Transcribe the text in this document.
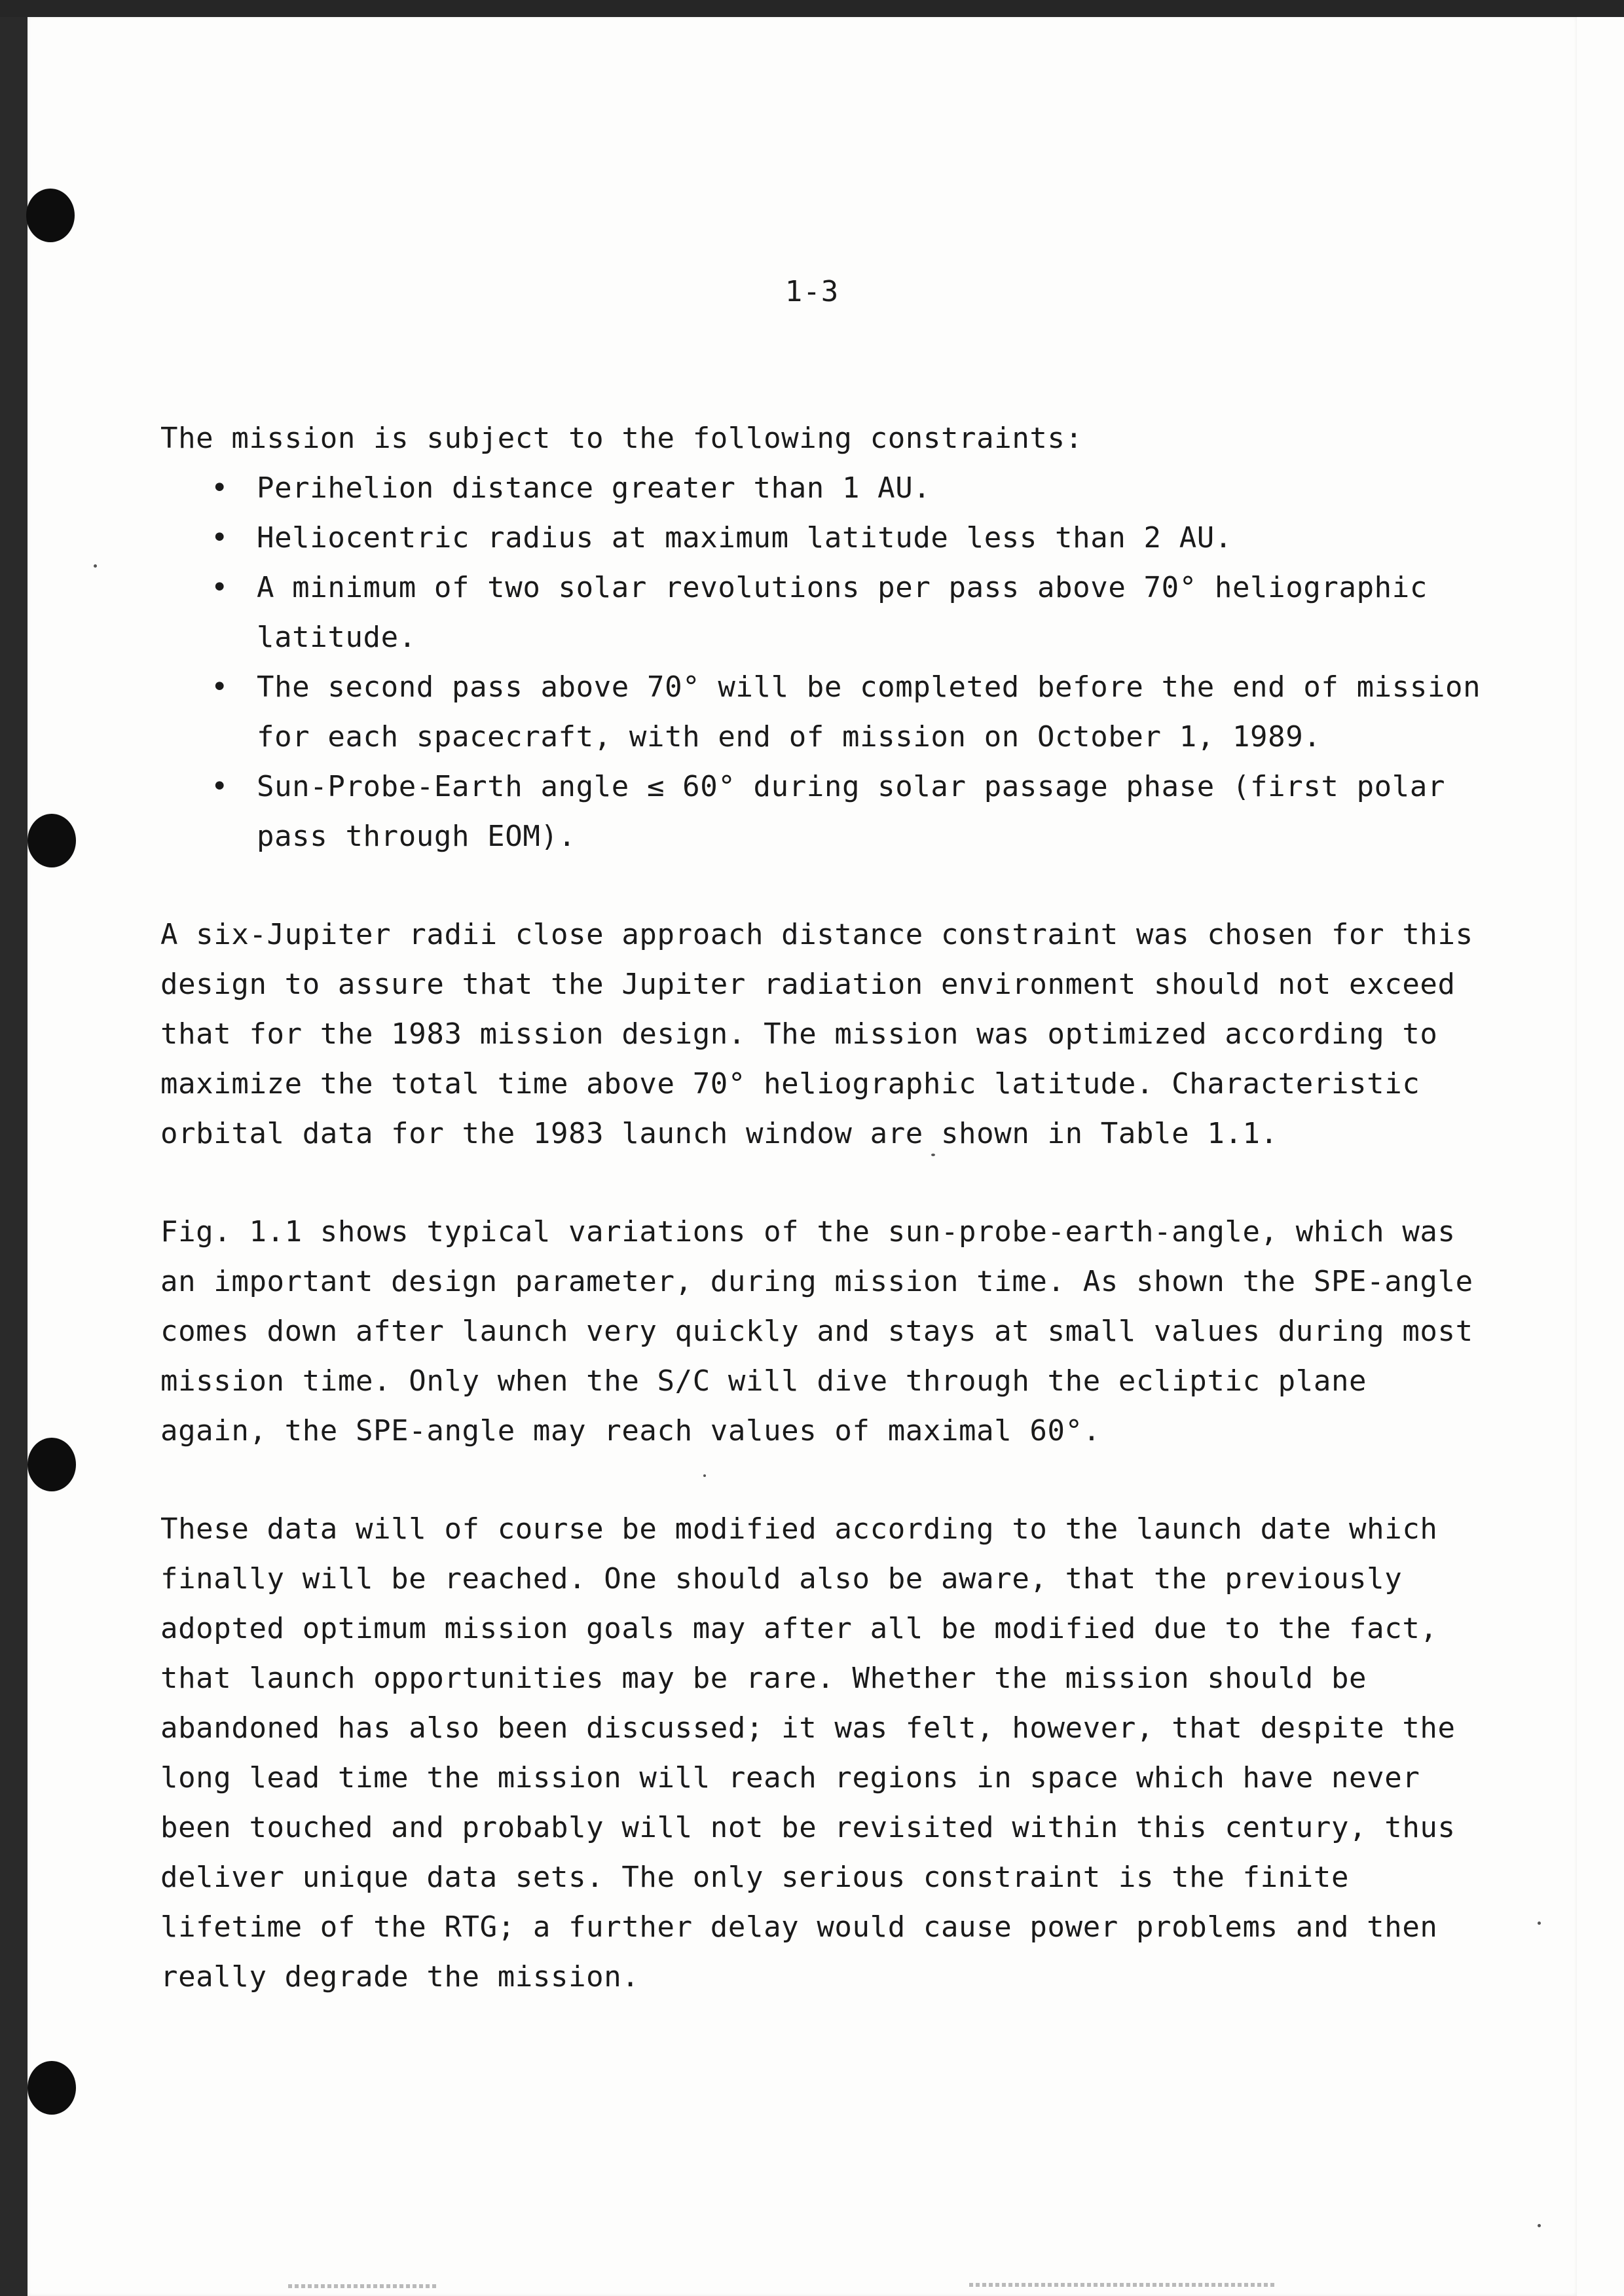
1-3

The mission is subject to the following constraints:

• Perihelion distance greater than 1 AU.
• Heliocentric radius at maximum latitude less than 2 AU.
• A minimum of two solar revolutions per pass above 70° heliographic latitude.
• The second pass above 70° will be completed before the end of mission for each spacecraft, with end of mission on October 1, 1989.
• Sun-Probe-Earth angle ≤ 60° during solar passage phase (first polar pass through EOM).

A six-Jupiter radii close approach distance constraint was chosen for this design to assure that the Jupiter radiation environment should not exceed that for the 1983 mission design. The mission was optimized according to maximize the total time above 70° heliographic latitude. Characteristic orbital data for the 1983 launch window are shown in Table 1.1.

Fig. 1.1 shows typical variations of the sun-probe-earth-angle, which was an important design parameter, during mission time. As shown the SPE-angle comes down after launch very quickly and stays at small values during most mission time. Only when the S/C will dive through the ecliptic plane again, the SPE-angle may reach values of maximal 60°.

These data will of course be modified according to the launch date which finally will be reached. One should also be aware, that the previously adopted optimum mission goals may after all be modified due to the fact, that launch opportunities may be rare. Whether the mission should be abandoned has also been discussed; it was felt, however, that despite the long lead time the mission will reach regions in space which have never been touched and probably will not be revisited within this century, thus deliver unique data sets. The only serious constraint is the finite lifetime of the RTG; a further delay would cause power problems and then really degrade the mission.
